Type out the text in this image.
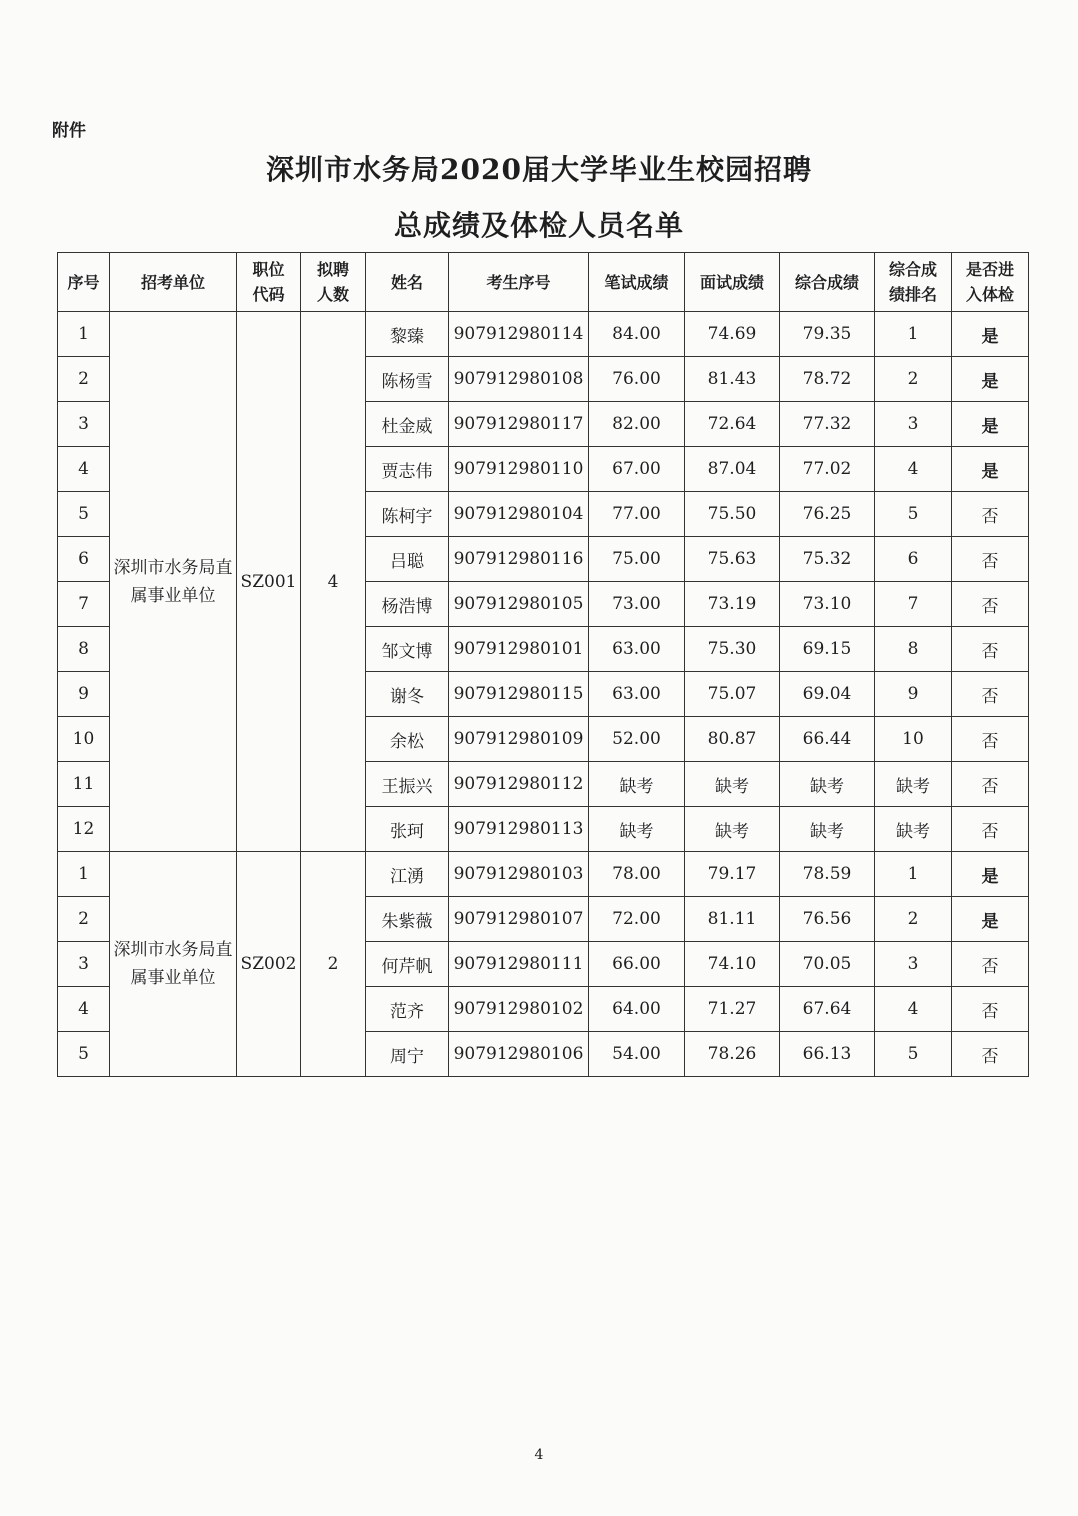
附件
深圳市水务局2020届大学毕业生校园招聘
总成绩及体检人员名单
序号	招考单位	职位代码	拟聘人数	姓名	考生序号	笔试成绩	面试成绩	综合成绩	综合成绩排名	是否进入体检

1	深圳市水务局直属事业单位	SZ001	4	黎臻	907912980114	84.00	74.69	79.35	1	是
2				陈杨雪	907912980108	76.00	81.43	78.72	2	是
3				杜金威	907912980117	82.00	72.64	77.32	3	是
4				贾志伟	907912980110	67.00	87.04	77.02	4	是
5				陈柯宇	907912980104	77.00	75.50	76.25	5	否
6				吕聪	907912980116	75.00	75.63	75.32	6	否
7				杨浩博	907912980105	73.00	73.19	73.10	7	否
8				邹文博	907912980101	63.00	75.30	69.15	8	否
9				谢冬	907912980115	63.00	75.07	69.04	9	否
10				余松	907912980109	52.00	80.87	66.44	10	否
11				王振兴	907912980112	缺考	缺考	缺考	缺考	否
12				张珂	907912980113	缺考	缺考	缺考	缺考	否
1	深圳市水务局直属事业单位	SZ002	2	江湧	907912980103	78.00	79.17	78.59	1	是
2				朱紫薇	907912980107	72.00	81.11	76.56	2	是
3				何芹帆	907912980111	66.00	74.10	70.05	3	否
4				范齐	907912980102	64.00	71.27	67.64	4	否
5				周宁	907912980106	54.00	78.26	66.13	5	否
4
